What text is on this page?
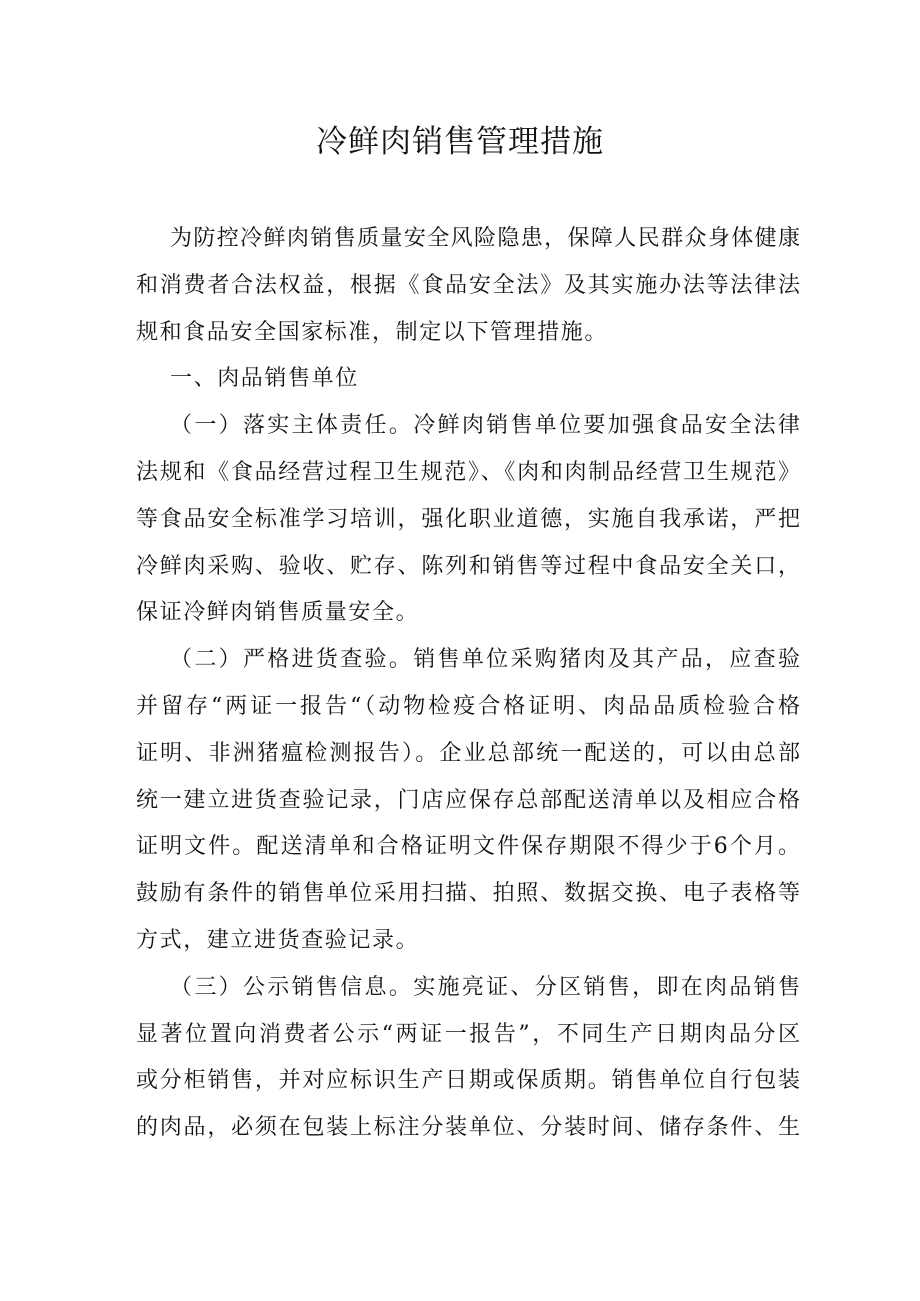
冷鲜肉销售管理措施
为防控冷鲜肉销售质量安全风险隐患，保障人民群众身体健康
和消费者合法权益，根据《食品安全法》及其实施办法等法律法
规和食品安全国家标准，制定以下管理措施。
一、肉品销售单位
（一）落实主体责任。冷鲜肉销售单位要加强食品安全法律
法规和《食品经营过程卫生规范》、《肉和肉制品经营卫生规范》
等食品安全标准学习培训，强化职业道德，实施自我承诺，严把
冷鲜肉采购、验收、贮存、陈列和销售等过程中食品安全关口，
保证冷鲜肉销售质量安全。
（二）严格进货查验。销售单位采购猪肉及其产品，应查验
并留存“两证一报告“（动物检疫合格证明、肉品品质检验合格
证明、非洲猪瘟检测报告）。企业总部统一配送的，可以由总部
统一建立进货查验记录，门店应保存总部配送清单以及相应合格
证明文件。配送清单和合格证明文件保存期限不得少于6个月。
鼓励有条件的销售单位采用扫描、拍照、数据交换、电子表格等
方式，建立进货查验记录。
（三）公示销售信息。实施亮证、分区销售，即在肉品销售
显著位置向消费者公示“两证一报告”，不同生产日期肉品分区
或分柜销售，并对应标识生产日期或保质期。销售单位自行包装
的肉品，必须在包装上标注分装单位、分装时间、储存条件、生
